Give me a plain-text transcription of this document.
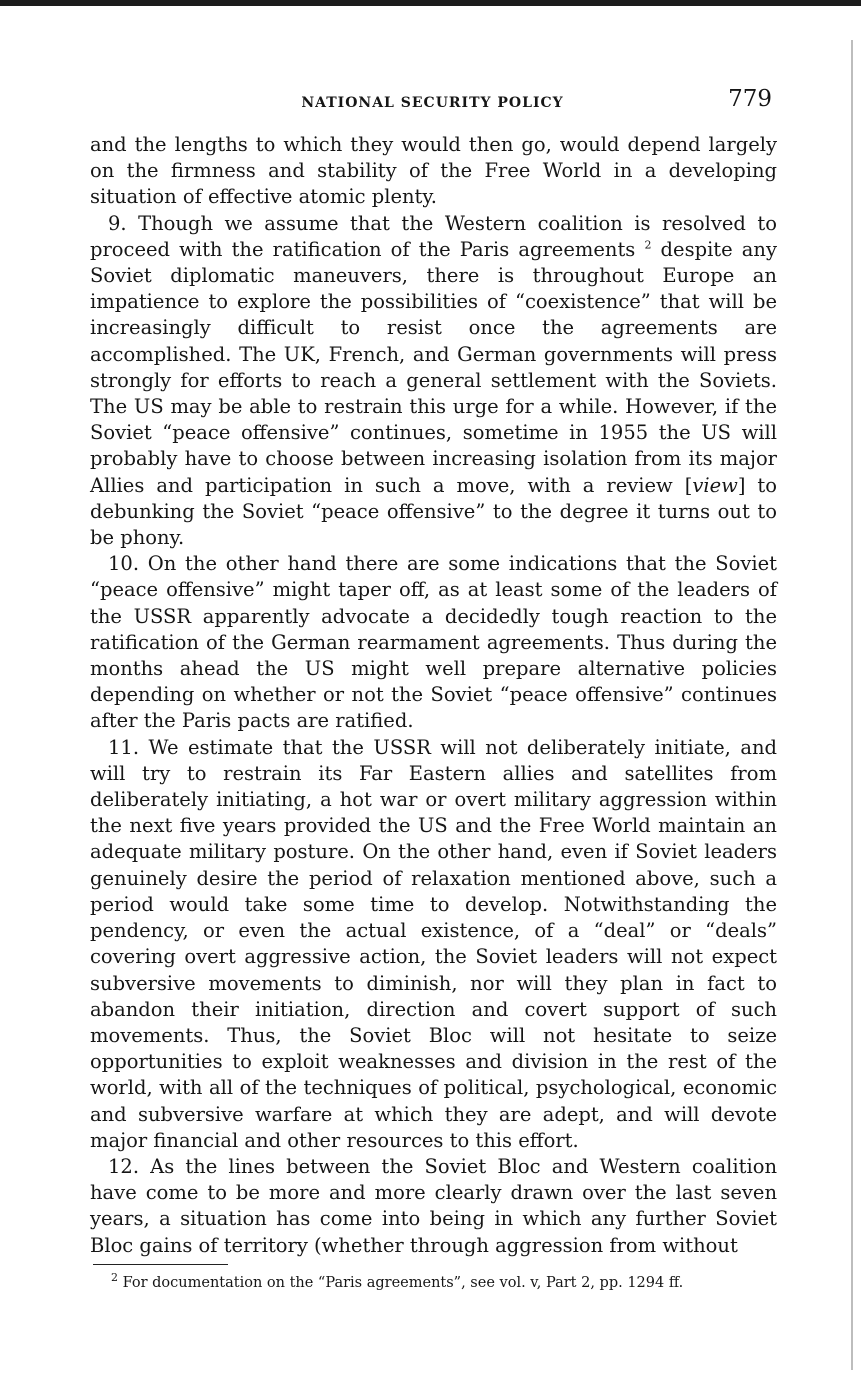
NATIONAL SECURITY POLICY	779

and the lengths to which they would then go, would depend largely on the firmness and stability of the Free World in a developing situation of effective atomic plenty.

9. Though we assume that the Western coalition is resolved to proceed with the ratification of the Paris agreements $^2$ despite any Soviet diplomatic maneuvers, there is throughout Europe an impatience to explore the possibilities of “coexistence” that will be increasingly difficult to resist once the agreements are accomplished. The UK, French, and German governments will press strongly for efforts to reach a general settlement with the Soviets. The US may be able to restrain this urge for a while. However, if the Soviet “peace offensive” continues, sometime in 1955 the US will probably have to choose between increasing isolation from its major Allies and participation in such a move, with a review [view] to debunking the Soviet “peace offensive” to the degree it turns out to be phony.

10. On the other hand there are some indications that the Soviet “peace offensive” might taper off, as at least some of the leaders of the USSR apparently advocate a decidedly tough reaction to the ratification of the German rearmament agreements. Thus during the months ahead the US might well prepare alternative policies depending on whether or not the Soviet “peace offensive” continues after the Paris pacts are ratified.

11. We estimate that the USSR will not deliberately initiate, and will try to restrain its Far Eastern allies and satellites from deliberately initiating, a hot war or overt military aggression within the next five years provided the US and the Free World maintain an adequate military posture. On the other hand, even if Soviet leaders genuinely desire the period of relaxation mentioned above, such a period would take some time to develop. Notwithstanding the pendency, or even the actual existence, of a “deal” or “deals” covering overt aggressive action, the Soviet leaders will not expect subversive movements to diminish, nor will they plan in fact to abandon their initiation, direction and covert support of such movements. Thus, the Soviet Bloc will not hesitate to seize opportunities to exploit weaknesses and division in the rest of the world, with all of the techniques of political, psychological, economic and subversive warfare at which they are adept, and will devote major financial and other resources to this effort.

12. As the lines between the Soviet Bloc and Western coalition have come to be more and more clearly drawn over the last seven years, a situation has come into being in which any further Soviet Bloc gains of territory (whether through aggression from without

$^2$ For documentation on the “Paris agreements”, see vol. v, Part 2, pp. 1294 ff.
